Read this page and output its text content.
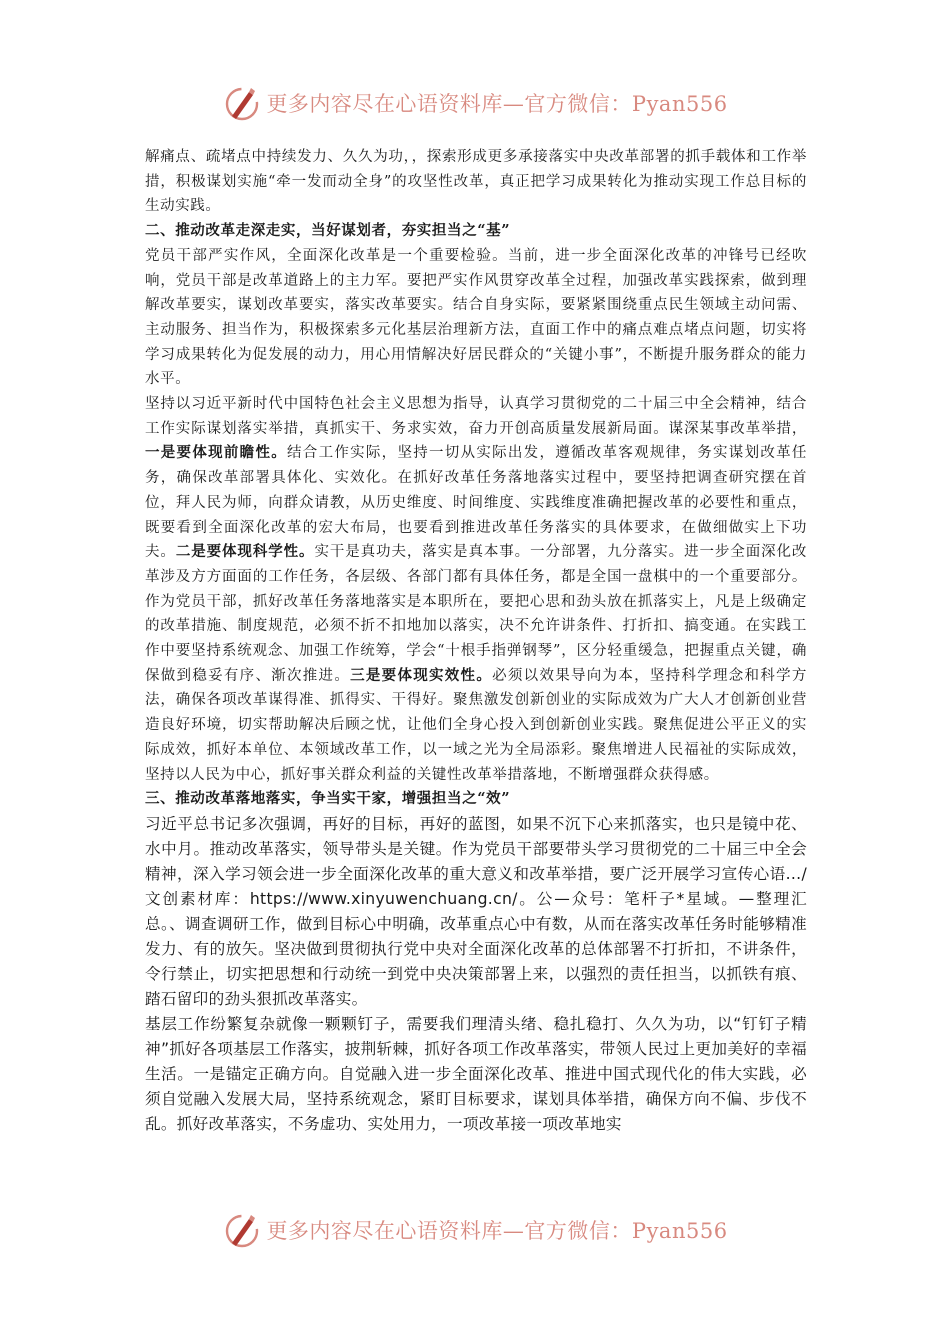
更多内容尽在心语资料库—官方微信：Pyan556

解痛点、疏堵点中持续发力、久久为功，，探索形成更多承接落实中央改革部署的抓手载体和工作举措，积极谋划实施“牵一发而动全身”的攻坚性改革，真正把学习成果转化为推动实现工作总目标的生动实践。

二、推动改革走深走实，当好谋划者，夯实担当之“基”

党员干部严实作风，全面深化改革是一个重要检验。当前，进一步全面深化改革的冲锋号已经吹响，党员干部是改革道路上的主力军。要把严实作风贯穿改革全过程，加强改革实践探索，做到理解改革要实，谋划改革要实，落实改革要实。结合自身实际，要紧紧围绕重点民生领域主动问需、主动服务、担当作为，积极探索多元化基层治理新方法，直面工作中的痛点难点堵点问题，切实将学习成果转化为促发展的动力，用心用情解决好居民群众的“关键小事”，不断提升服务群众的能力水平。

坚持以习近平新时代中国特色社会主义思想为指导，认真学习贯彻党的二十届三中全会精神，结合工作实际谋划落实举措，真抓实干、务求实效，奋力开创高质量发展新局面。谋深某事改革举措，一是要体现前瞻性。结合工作实际，坚持一切从实际出发，遵循改革客观规律，务实谋划改革任务，确保改革部署具体化、实效化。在抓好改革任务落地落实过程中，要坚持把调查研究摆在首位，拜人民为师，向群众请教，从历史维度、时间维度、实践维度准确把握改革的必要性和重点，既要看到全面深化改革的宏大布局，也要看到推进改革任务落实的具体要求，在做细做实上下功夫。二是要体现科学性。实干是真功夫，落实是真本事。一分部署，九分落实。进一步全面深化改革涉及方方面面的工作任务，各层级、各部门都有具体任务，都是全国一盘棋中的一个重要部分。作为党员干部，抓好改革任务落地落实是本职所在，要把心思和劲头放在抓落实上，凡是上级确定的改革措施、制度规范，必须不折不扣地加以落实，决不允许讲条件、打折扣、搞变通。在实践工作中要坚持系统观念、加强工作统筹，学会“十根手指弹钢琴”，区分轻重缓急，把握重点关键，确保做到稳妥有序、渐次推进。三是要体现实效性。必须以效果导向为本，坚持科学理念和科学方法，确保各项改革谋得准、抓得实、干得好。聚焦激发创新创业的实际成效为广大人才创新创业营造良好环境，切实帮助解决后顾之忧，让他们全身心投入到创新创业实践。聚焦促进公平正义的实际成效，抓好本单位、本领域改革工作，以一域之光为全局添彩。聚焦增进人民福祉的实际成效，坚持以人民为中心，抓好事关群众利益的关键性改革举措落地，不断增强群众获得感。

三、推动改革落地落实，争当实干家，增强担当之“效”

习近平总书记多次强调，再好的目标，再好的蓝图，如果不沉下心来抓落实，也只是镜中花、水中月。推动改革落实，领导带头是关键。作为党员干部要带头学习贯彻党的二十届三中全会精神，深入学习领会进一步全面深化改革的重大意义和改革举措，要广泛开展学习宣传心语.../文创素材库：https://www.xinyuwenchuang.cn/。公—众号：笔杆子*星域。—整理汇总。、调查调研工作，做到目标心中明确，改革重点心中有数，从而在落实改革任务时能够精准发力、有的放矢。坚决做到贯彻执行党中央对全面深化改革的总体部署不打折扣，不讲条件，令行禁止，切实把思想和行动统一到党中央决策部署上来，以强烈的责任担当，以抓铁有痕、踏石留印的劲头狠抓改革落实。

基层工作纷繁复杂就像一颗颗钉子，需要我们理清头绪、稳扎稳打、久久为功，以“钉钉子精神”抓好各项基层工作落实，披荆斩棘，抓好各项工作改革落实，带领人民过上更加美好的幸福生活。一是锚定正确方向。自觉融入进一步全面深化改革、推进中国式现代化的伟大实践，必须自觉融入发展大局，坚持系统观念，紧盯目标要求，谋划具体举措，确保方向不偏、步伐不乱。抓好改革落实，不务虚功、实处用力，一项改革接一项改革地实

更多内容尽在心语资料库—官方微信：Pyan556
